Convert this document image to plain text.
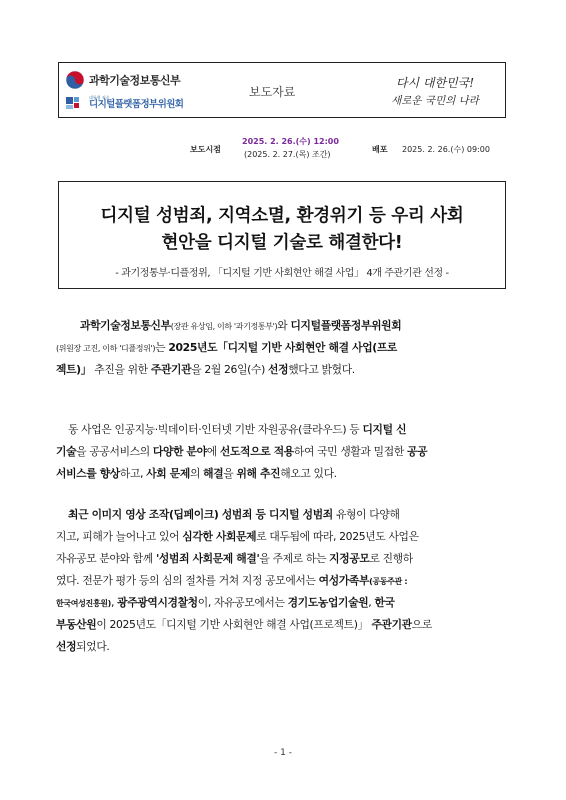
과학기술정보통신부
대통령 직속
디지털플랫폼정부위원회
보도자료
다시 대한민국!
새로운 국민의 나라
보도시점
2025. 2. 26.(수) 12:00
(2025. 2. 27.(목) 조간)
배포 2025. 2. 26.(수) 09:00
디지털 성범죄, 지역소멸, 환경위기 등 우리 사회
현안을 디지털 기술로 해결한다!
- 과기정통부·디플정위, 「디지털 기반 사회현안 해결 사업」 4개 주관기관 선정 -
과학기술정보통신부(장관 유상임, 이하 '과기정통부')와 디지털플랫폼정부위원회
(위원장 고진, 이하 '디플정위')는 2025년도「디지털 기반 사회현안 해결 사업(프로
젝트)」 추진을 위한 주관기관을 2월 26일(수) 선정했다고 밝혔다.
동 사업은 인공지능·빅데이터·인터넷 기반 자원공유(클라우드) 등 디지털 신
기술을 공공서비스의 다양한 분야에 선도적으로 적용하여 국민 생활과 밀접한 공공
서비스를 향상하고, 사회 문제의 해결을 위해 추진해오고 있다.
최근 이미지 영상 조작(딥페이크) 성범죄 등 디지털 성범죄 유형이 다양해
지고, 피해가 늘어나고 있어 심각한 사회문제로 대두됨에 따라, 2025년도 사업은
자유공모 분야와 함께 '성범죄 사회문제 해결'을 주제로 하는 지정공모로 진행하
였다. 전문가 평가 등의 심의 절차를 거쳐 지정 공모에서는 여성가족부(공동주관 :
한국여성진흥원), 광주광역시경찰청이, 자유공모에서는 경기도농업기술원, 한국
부동산원이 2025년도「디지털 기반 사회현안 해결 사업(프로젝트)」 주관기관으로
선정되었다.
- 1 -
